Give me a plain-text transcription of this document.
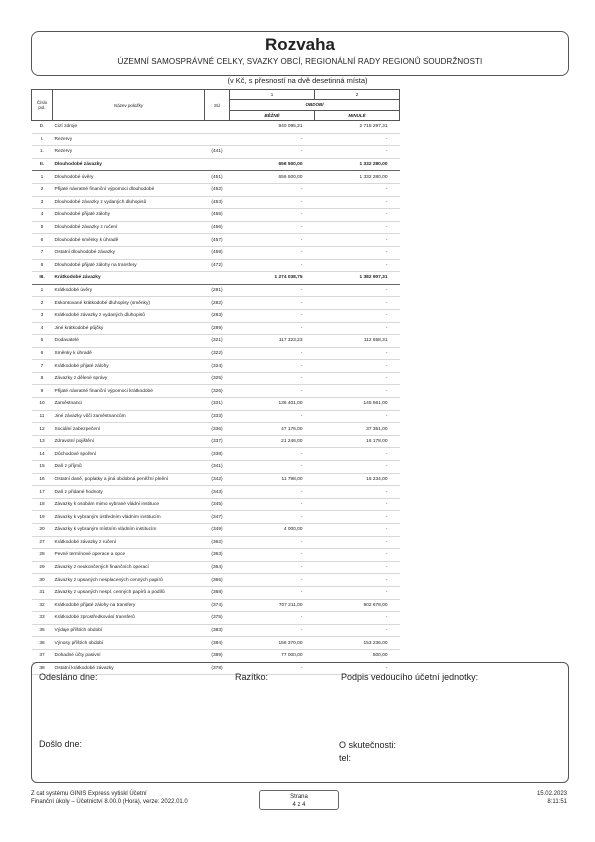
Rozvaha
ÚZEMNÍ SAMOSPRÁVNÉ CELKY, SVAZKY OBCÍ, REGIONÁLNÍ RADY REGIONŮ SOUDRŽNOSTI
(v Kč, s přesností na dvě desetinná místa)
Číslo pol.	Název položky	SÚ	1	2
			OBDOBÍ	
			BĚŽNÉ	MINULÉ
D.	Cizí zdroje		940 095,21	2 715 297,31
I.	Rezervy		-	-
1.	Rezervy	(441)	-	-
II.	Dlouhodobé závazky		656 500,00	1 332 280,00
1	Dlouhodobé úvěry	(451)	656 500,00	1 332 280,00
2	Přijaté návratné finanční výpomoci dlouhodobé	(452)	-	-
3	Dlouhodobé závazky z vydaných dluhopisů	(453)	-	-
4	Dlouhodobé přijaté zálohy	(455)	-	-
5	Dlouhodobé závazky z ručení	(456)	-	-
6	Dlouhodobé směnky k úhradě	(457)	-	-
7	Ostatní dlouhodobé závazky	(459)	-	-
8	Dlouhodobé přijaté zálohy na transfery	(472)	-	-
III.	Krátkodobé závazky		1 274 038,75	1 382 907,31
1	Krátkodobé úvěry	(281)	-	-
2	Eskontované krátkodobé dluhopisy (směnky)	(282)	-	-
3	Krátkodobé závazky z vydaných dluhopisů	(283)	-	-
4	Jiné krátkodobé půjčky	(289)	-	-
5	Dodavatelé	(321)	117 323,23	112 658,31
6	Směnky k úhradě	(322)	-	-
7	Krátkodobé přijaté zálohy	(324)	-	-
8	Závazky z dělené správy	(325)	-	-
9	Přijaté návratné finanční výpomoci krátkodobé	(326)	-	-
10	Zaměstnanci	(331)	136 401,00	145 661,00
11	Jiné závazky vůči zaměstnancům	(333)	-	-
12	Sociální zabezpečení	(336)	47 176,00	37 351,00
13	Zdravotní pojištění	(337)	21 246,00	16 178,00
14	Důchodové spoření	(338)	-	-
15	Daň z příjmů	(341)	-	-
16	Ostatní daně, poplatky a jiná obdobná peněžní plnění	(342)	11 798,00	15 234,00
17	Daň z přidané hodnoty	(343)	-	-
18	Závazky k osobám mimo vybrané vládní instituce	(345)	-	-
19	Závazky k vybraným ústředním vládním institucím	(347)	-	-
20	Závazky k vybraným místním vládním institucím	(349)	4 000,00	-
27	Krátkodobé závazky z ručení	(362)	-	-
28	Pevné termínové operace a opce	(363)	-	-
29	Závazky z neukončených finančních operací	(364)	-	-
30	Závazky z upsaných nesplacených cenných papírů	(365)	-	-
31	Závazky z upsaných nespl. cenných papírů a podílů	(368)	-	-
32	Krátkodobé přijaté zálohy na transfery	(374)	707 211,00	902 678,00
33	Krátkodobé zprostředkování transferů	(375)	-	-
35	Výdaje příštích období	(383)	-	-
36	Výnosy příštích období	(384)	156 370,00	153 236,00
37	Dohadné účty pasivní	(389)	77 000,00	500,00
38	Ostatní krátkodobé závazky	(378)	-	-
Odesláno dne:	Razítko:	Podpis vedoucího účetní jednotky:
Došlo dne:	O skutečnosti:
tel:
Z cat systému GINIS Express vytiskl Účetní
Finanční úkoly – Účetnictví 8.00.0 (Hora), verze: 2022.01.0
Strana
4 z 4
15.02.2023
8:11:51
